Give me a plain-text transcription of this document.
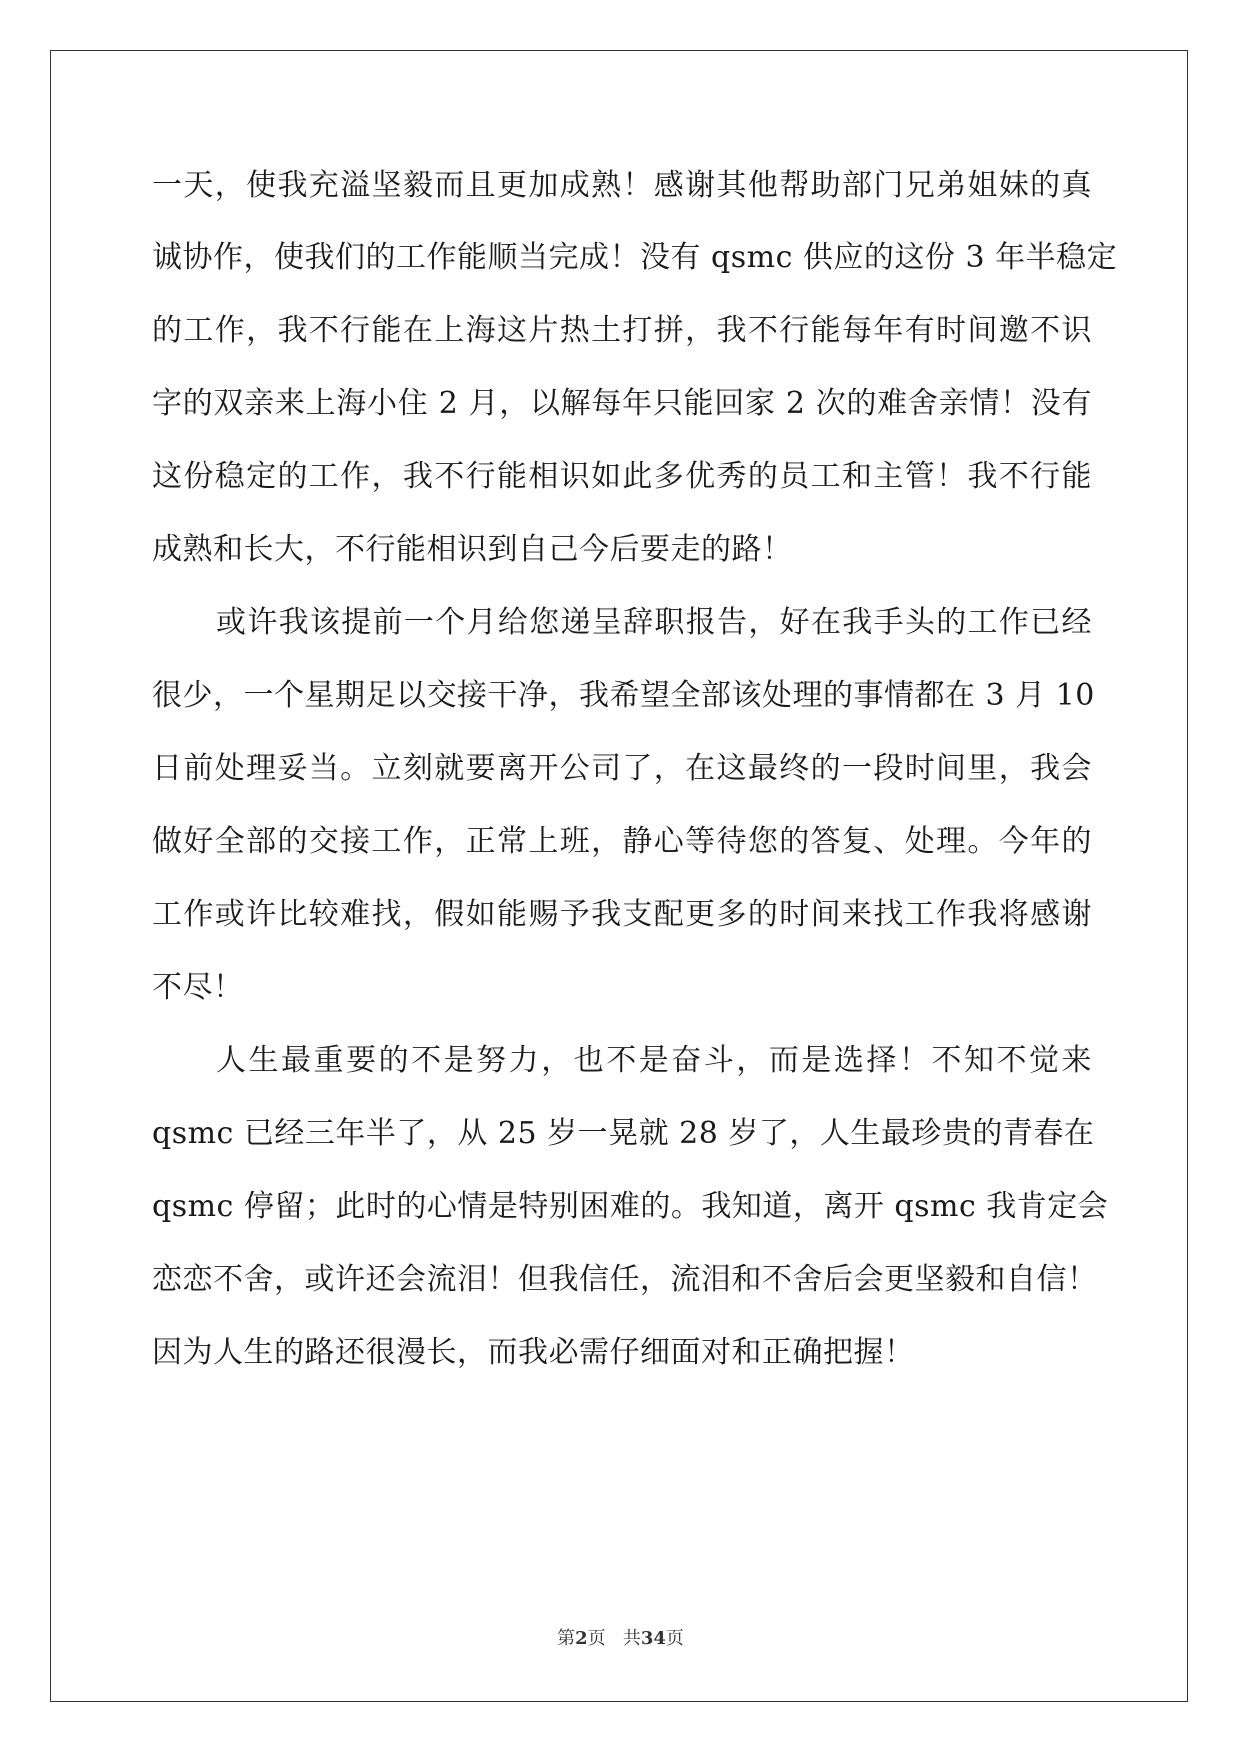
一天，使我充溢坚毅而且更加成熟！感谢其他帮助部门兄弟姐妹的真
诚协作，使我们的工作能顺当完成！没有 qsmc 供应的这份 3 年半稳定
的工作，我不行能在上海这片热土打拼，我不行能每年有时间邀不识
字的双亲来上海小住 2 月，以解每年只能回家 2 次的难舍亲情！没有
这份稳定的工作，我不行能相识如此多优秀的员工和主管！我不行能
成熟和长大，不行能相识到自己今后要走的路！
或许我该提前一个月给您递呈辞职报告，好在我手头的工作已经
很少，一个星期足以交接干净，我希望全部该处理的事情都在 3 月 10
日前处理妥当。立刻就要离开公司了，在这最终的一段时间里，我会
做好全部的交接工作，正常上班，静心等待您的答复、处理。今年的
工作或许比较难找，假如能赐予我支配更多的时间来找工作我将感谢
不尽！
人生最重要的不是努力，也不是奋斗，而是选择！不知不觉来
qsmc 已经三年半了，从 25 岁一晃就 28 岁了，人生最珍贵的青春在
qsmc 停留；此时的心情是特别困难的。我知道，离开 qsmc 我肯定会
恋恋不舍，或许还会流泪！但我信任，流泪和不舍后会更坚毅和自信！
因为人生的路还很漫长，而我必需仔细面对和正确把握！
第2页 共34页
